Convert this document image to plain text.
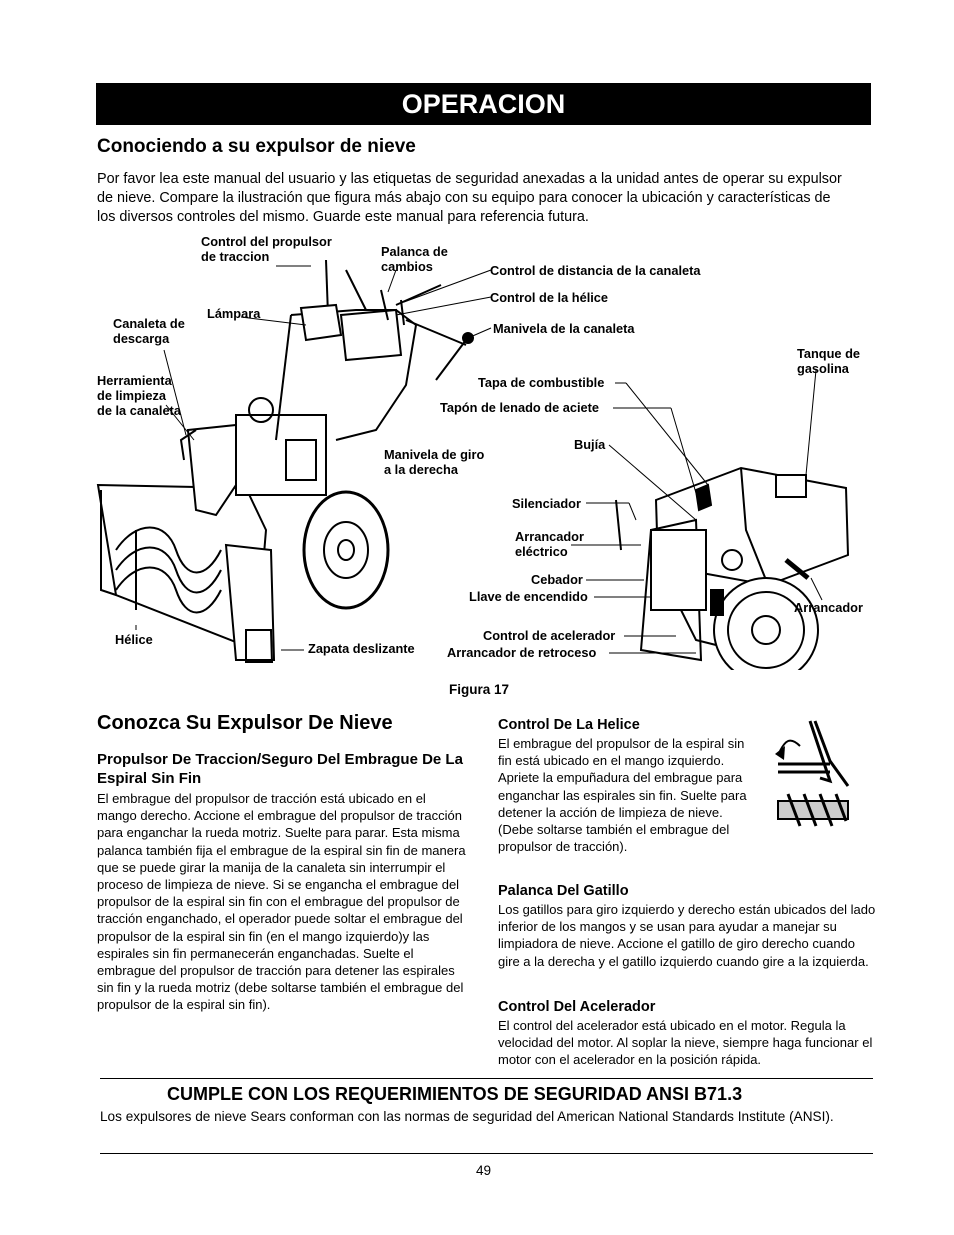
OPERACION
Conociendo a su expulsor de nieve
Por favor lea este manual del usuario y las etiquetas de seguridad anexadas a la unidad antes de operar su expulsor de nieve. Compare la ilustración que figura más abajo con su equipo para conocer la ubicación y características de los diversos controles del mismo. Guarde este manual para referencia futura.
Control del propulsor
de traccion	Palanca de
cambios	Control de distancia de la canaleta
Control de la hélice
Lámpara
Canaleta de
descarga
Manivela de la canaleta
Tanque de
gasolina
Herramienta
de limpieza
de la canaleta
Tapa de combustible
Tapón de lenado de aciete
Bujía
Manivela de giro
a la derecha
Silenciador
Arrancador
eléctrico
Cebador
Llave de encendido
Arrancador
Hélice	Control de acelerador
Zapata deslizante	Arrancador de retroceso
Figura 17
Conozca Su Expulsor De Nieve
Propulsor De Traccion/Seguro Del Embrague De La Espiral Sin Fin
El embrague del propulsor de tracción está ubicado en el mango derecho. Accione el embrague del propulsor de tracción para enganchar la rueda motriz. Suelte para parar. Esta misma palanca también fija el embrague de la espiral sin fin de manera que se puede girar la manija de la canaleta sin interrumpir el proceso de limpieza de nieve. Si se engancha el embrague del propulsor de la espiral sin fin con el embrague del propulsor de tracción enganchado, el operador puede soltar el embrague del propulsor de la espiral sin fin (en el mango izquierdo)y las espirales sin fin permanecerán enganchadas. Suelte el embrague del propulsor de tracción para detener las espirales sin fin y la rueda motriz (debe soltarse también el embrague del propulsor de la espiral sin fin).
Control De La Helice
El embrague del propulsor de la espiral sin fin está ubicado en el mango izquierdo. Apriete la empuñadura del embrague para enganchar las espirales sin fin. Suelte para detener la acción de limpieza de nieve. (Debe soltarse también el embrague del propulsor de tracción).
Palanca Del Gatillo
Los gatillos para giro izquierdo y derecho están ubicados del lado inferior de los mangos y se usan para ayudar a manejar su limpiadora de nieve. Accione el gatillo de giro derecho cuando gire a la derecha y el gatillo izquierdo cuando gire a la izquierda.
Control Del Acelerador
El control del acelerador está ubicado en el motor. Regula la velocidad del motor. Al soplar la nieve, siempre haga funcionar el motor con el acelerador en la posición rápida.
CUMPLE CON LOS REQUERIMIENTOS DE SEGURIDAD ANSI B71.3
Los expulsores de nieve Sears conforman con las normas de seguridad del American National Standards Institute (ANSI).
49
